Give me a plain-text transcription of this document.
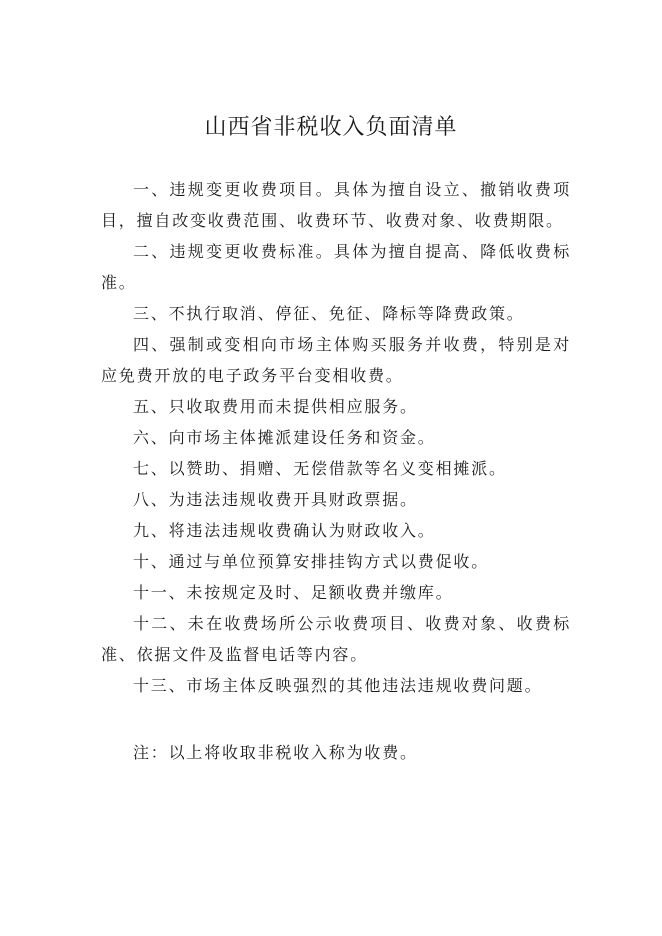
山西省非税收入负面清单

一、违规变更收费项目。具体为擅自设立、撤销收费项目，擅自改变收费范围、收费环节、收费对象、收费期限。

二、违规变更收费标准。具体为擅自提高、降低收费标准。

三、不执行取消、停征、免征、降标等降费政策。

四、强制或变相向市场主体购买服务并收费，特别是对应免费开放的电子政务平台变相收费。

五、只收取费用而未提供相应服务。

六、向市场主体摊派建设任务和资金。

七、以赞助、捐赠、无偿借款等名义变相摊派。

八、为违法违规收费开具财政票据。

九、将违法违规收费确认为财政收入。

十、通过与单位预算安排挂钩方式以费促收。

十一、未按规定及时、足额收费并缴库。

十二、未在收费场所公示收费项目、收费对象、收费标准、依据文件及监督电话等内容。

十三、市场主体反映强烈的其他违法违规收费问题。

注：以上将收取非税收入称为收费。
